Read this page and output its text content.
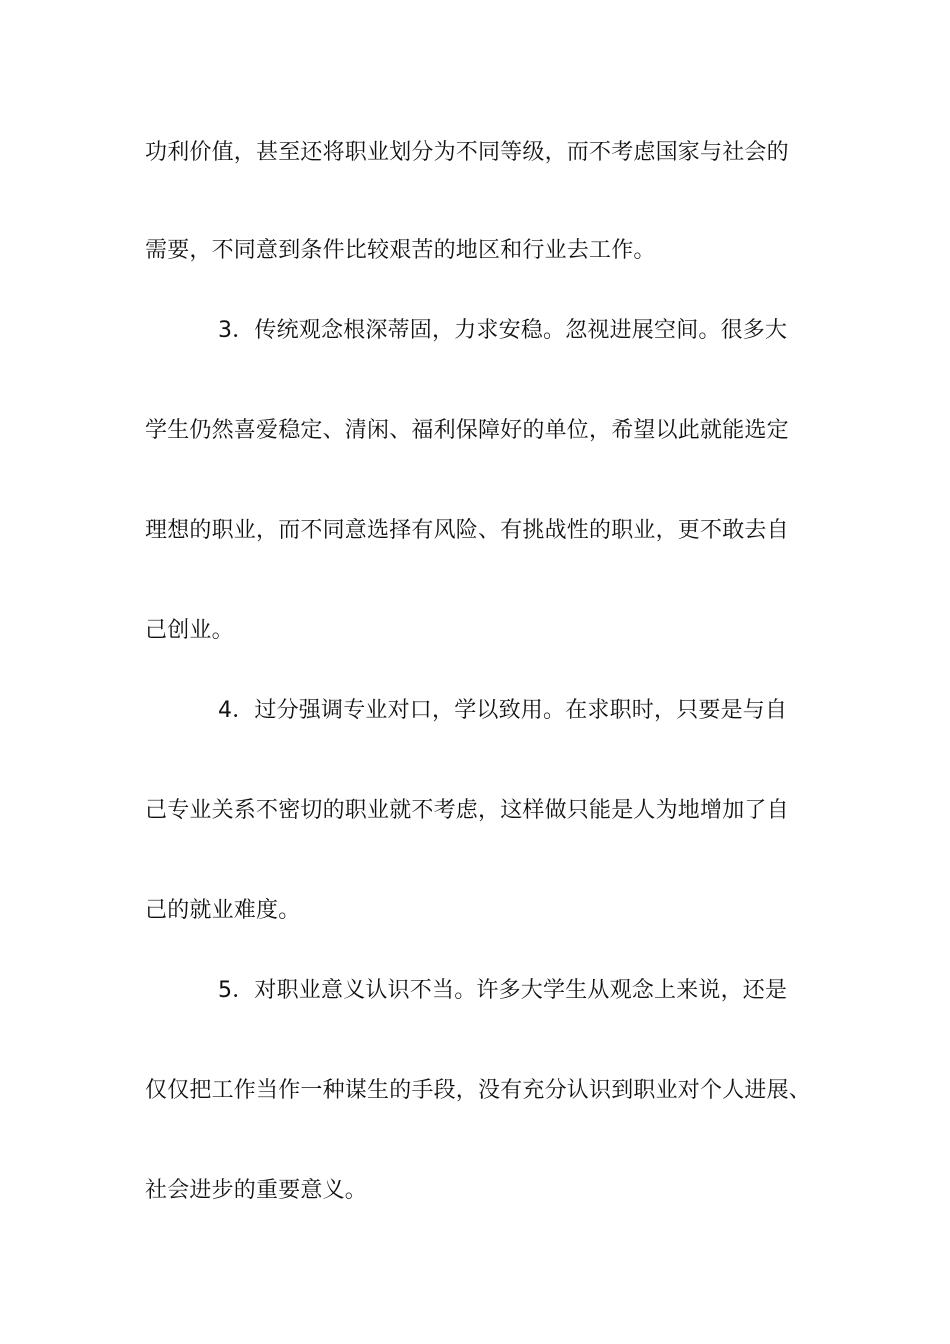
功利价值，甚至还将职业划分为不同等级，而不考虑国家与社会的
需要，不同意到条件比较艰苦的地区和行业去工作。
3．传统观念根深蒂固，力求安稳。忽视进展空间。很多大
学生仍然喜爱稳定、清闲、福利保障好的单位，希望以此就能选定
理想的职业，而不同意选择有风险、有挑战性的职业，更不敢去自
己创业。
4．过分强调专业对口，学以致用。在求职时，只要是与自
己专业关系不密切的职业就不考虑，这样做只能是人为地增加了自
己的就业难度。
5．对职业意义认识不当。许多大学生从观念上来说，还是
仅仅把工作当作一种谋生的手段，没有充分认识到职业对个人进展、
社会进步的重要意义。
